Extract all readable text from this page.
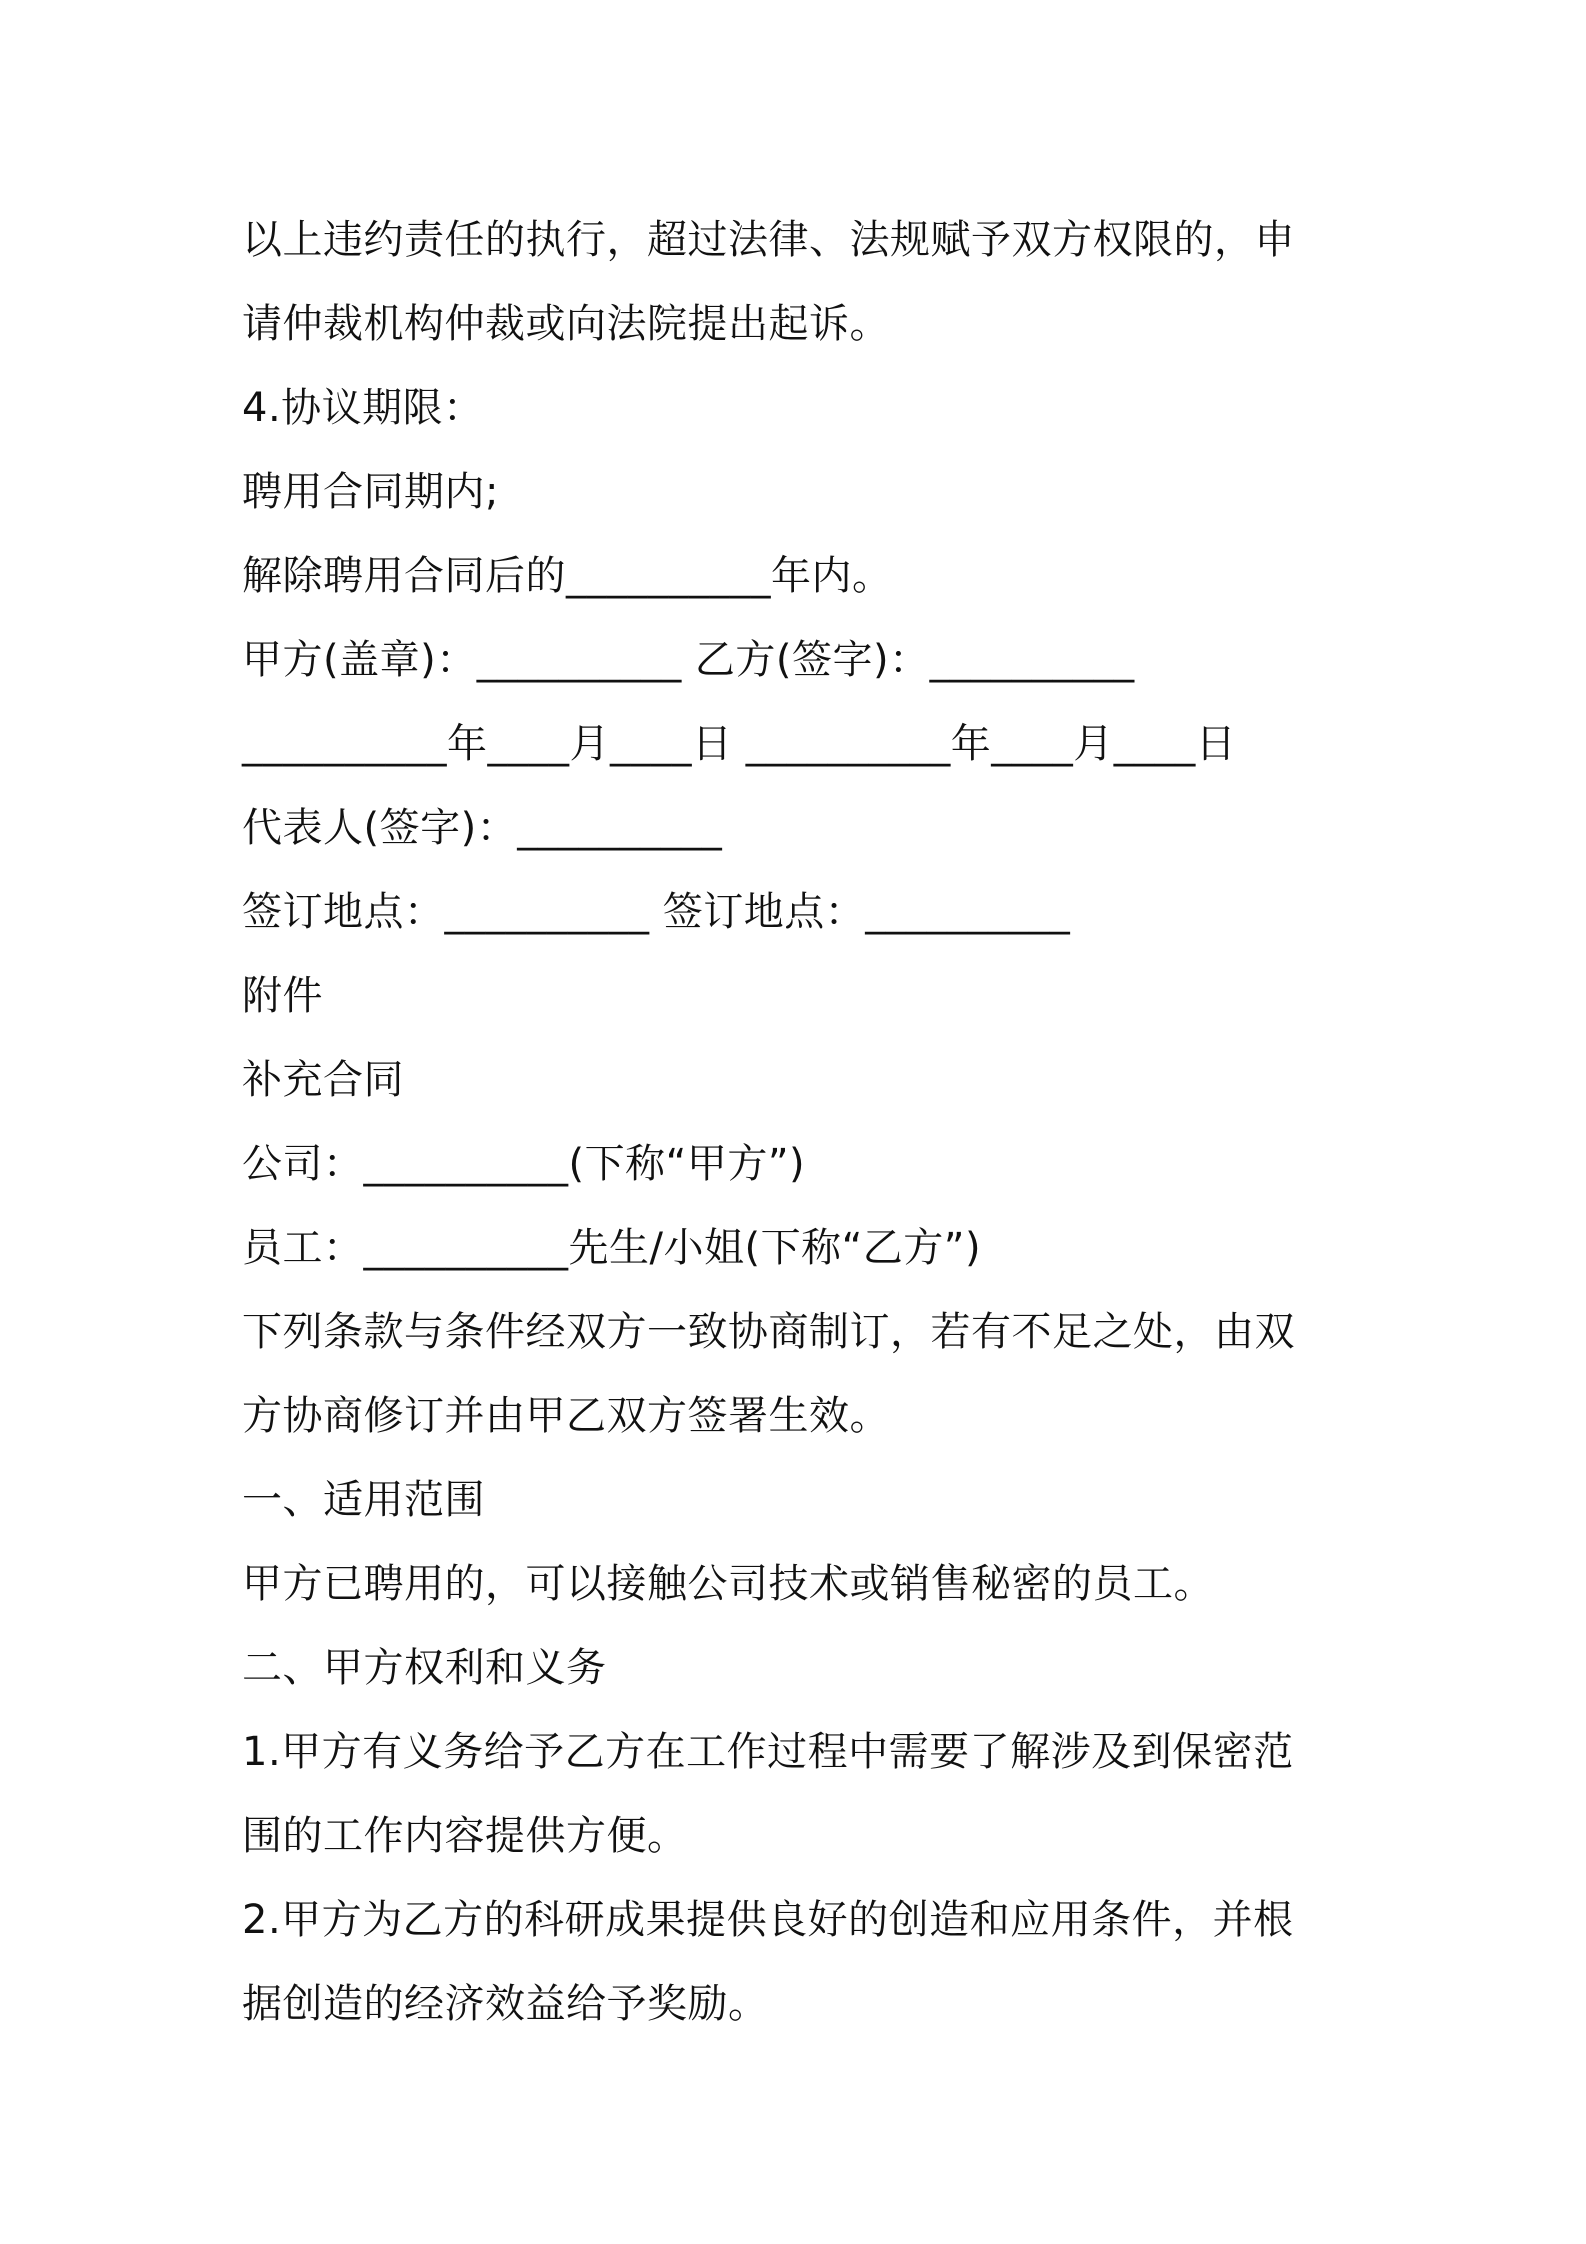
以上违约责任的执行，超过法律、法规赋予双方权限的，申
请仲裁机构仲裁或向法院提出起诉。
4.协议期限：
聘用合同期内;
解除聘用合同后的__________年内。
甲方(盖章)：__________ 乙方(签字)：__________
__________年____月____日 __________年____月____日
代表人(签字)：__________
签订地点：__________ 签订地点：__________
附件
补充合同
公司：__________(下称“甲方”)
员工：__________先生/小姐(下称“乙方”)
下列条款与条件经双方一致协商制订，若有不足之处，由双
方协商修订并由甲乙双方签署生效。
一、适用范围
甲方已聘用的，可以接触公司技术或销售秘密的员工。
二、甲方权利和义务
1.甲方有义务给予乙方在工作过程中需要了解涉及到保密范
围的工作内容提供方便。
2.甲方为乙方的科研成果提供良好的创造和应用条件，并根
据创造的经济效益给予奖励。
